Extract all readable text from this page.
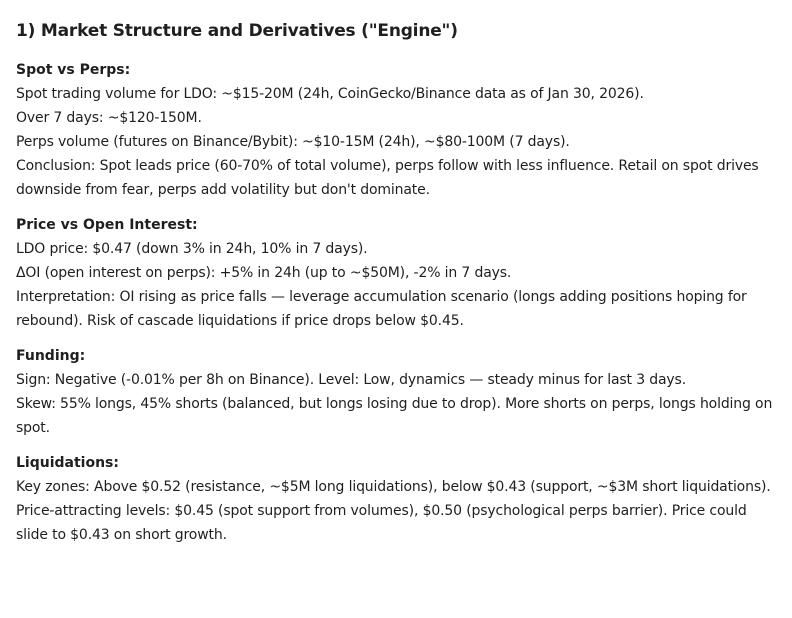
1) Market Structure and Derivatives ("Engine")

Spot vs Perps:

Spot trading volume for LDO: ~$15-20M (24h, CoinGecko/Binance data as of Jan 30, 2026).

Over 7 days: ~$120-150M.

Perps volume (futures on Binance/Bybit): ~$10-15M (24h), ~$80-100M (7 days).

Conclusion: Spot leads price (60-70% of total volume), perps follow with less influence. Retail on spot drives downside from fear, perps add volatility but don't dominate.

Price vs Open Interest:

LDO price: $0.47 (down 3% in 24h, 10% in 7 days).

ΔOI (open interest on perps): +5% in 24h (up to ~$50M), -2% in 7 days.

Interpretation: OI rising as price falls — leverage accumulation scenario (longs adding positions hoping for rebound). Risk of cascade liquidations if price drops below $0.45.

Funding:

Sign: Negative (-0.01% per 8h on Binance). Level: Low, dynamics — steady minus for last 3 days.

Skew: 55% longs, 45% shorts (balanced, but longs losing due to drop). More shorts on perps, longs holding on spot.

Liquidations:

Key zones: Above $0.52 (resistance, ~$5M long liquidations), below $0.43 (support, ~$3M short liquidations).

Price-attracting levels: $0.45 (spot support from volumes), $0.50 (psychological perps barrier). Price could slide to $0.43 on short growth.
